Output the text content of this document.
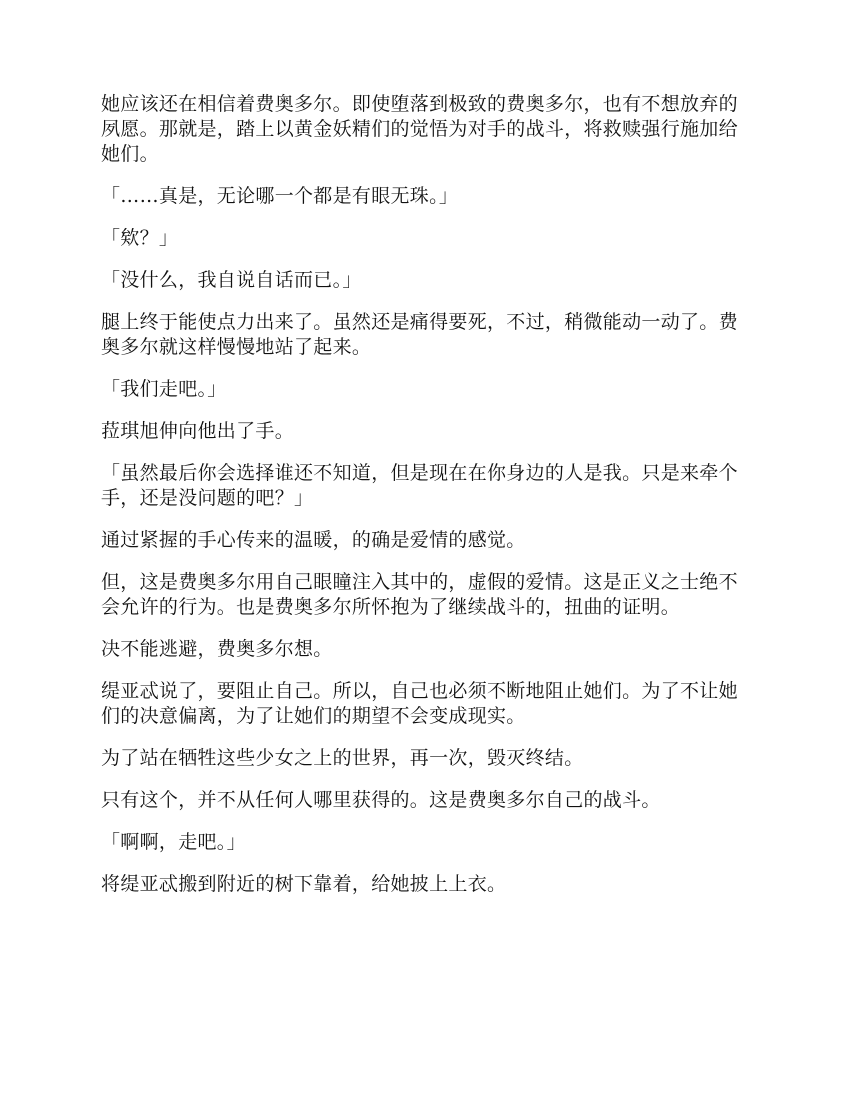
她应该还在相信着费奥多尔。即使堕落到极致的费奥多尔，也有不想放弃的夙愿。那就是，踏上以黄金妖精们的觉悟为对手的战斗，将救赎强行施加给她们。

「……真是，无论哪一个都是有眼无珠。」

「欸？」

「没什么，我自说自话而已。」

腿上终于能使点力出来了。虽然还是痛得要死，不过，稍微能动一动了。费奥多尔就这样慢慢地站了起来。

「我们走吧。」

菈琪旭伸向他出了手。

「虽然最后你会选择谁还不知道，但是现在在你身边的人是我。只是来牵个手，还是没问题的吧？」

通过紧握的手心传来的温暖，的确是爱情的感觉。

但，这是费奥多尔用自己眼瞳注入其中的，虚假的爱情。这是正义之士绝不会允许的行为。也是费奥多尔所怀抱为了继续战斗的，扭曲的证明。

决不能逃避，费奥多尔想。

缇亚忒说了，要阻止自己。所以，自己也必须不断地阻止她们。为了不让她们的决意偏离，为了让她们的期望不会变成现实。

为了站在牺牲这些少女之上的世界，再一次，毁灭终结。

只有这个，并不从任何人哪里获得的。这是费奥多尔自己的战斗。

「啊啊，走吧。」

将缇亚忒搬到附近的树下靠着，给她披上上衣。
